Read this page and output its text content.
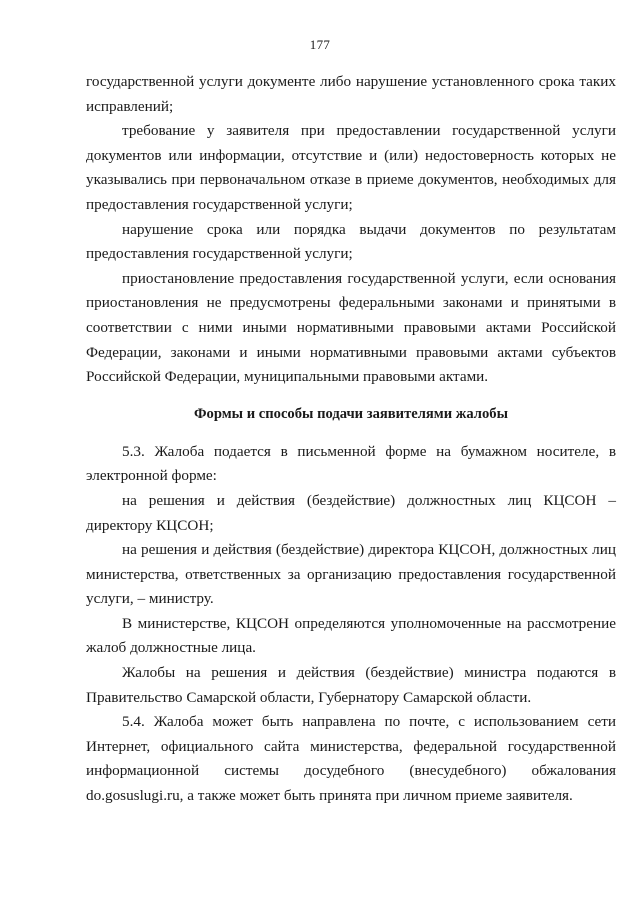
177

государственной услуги документе либо нарушение установленного срока таких исправлений;

требование у заявителя при предоставлении государственной услуги документов или информации, отсутствие и (или) недостоверность которых не указывались при первоначальном отказе в приеме документов, необходимых для предоставления государственной услуги;

нарушение срока или порядка выдачи документов по результатам предоставления государственной услуги;

приостановление предоставления государственной услуги, если основания приостановления не предусмотрены федеральными законами и принятыми в соответствии с ними иными нормативными правовыми актами Российской Федерации, законами и иными нормативными правовыми актами субъектов Российской Федерации, муниципальными правовыми актами.

Формы и способы подачи заявителями жалобы

5.3. Жалоба подается в письменной форме на бумажном носителе, в электронной форме:

на решения и действия (бездействие) должностных лиц КЦСОН – директору КЦСОН;

на решения и действия (бездействие) директора КЦСОН, должностных лиц министерства, ответственных за организацию предоставления государственной услуги, – министру.

В министерстве, КЦСОН определяются уполномоченные на рассмотрение жалоб должностные лица.

Жалобы на решения и действия (бездействие) министра подаются в Правительство Самарской области, Губернатору Самарской области.

5.4. Жалоба может быть направлена по почте, с использованием сети Интернет, официального сайта министерства, федеральной государственной информационной системы досудебного (внесудебного) обжалования do.gosuslugi.ru, а также может быть принята при личном приеме заявителя.
